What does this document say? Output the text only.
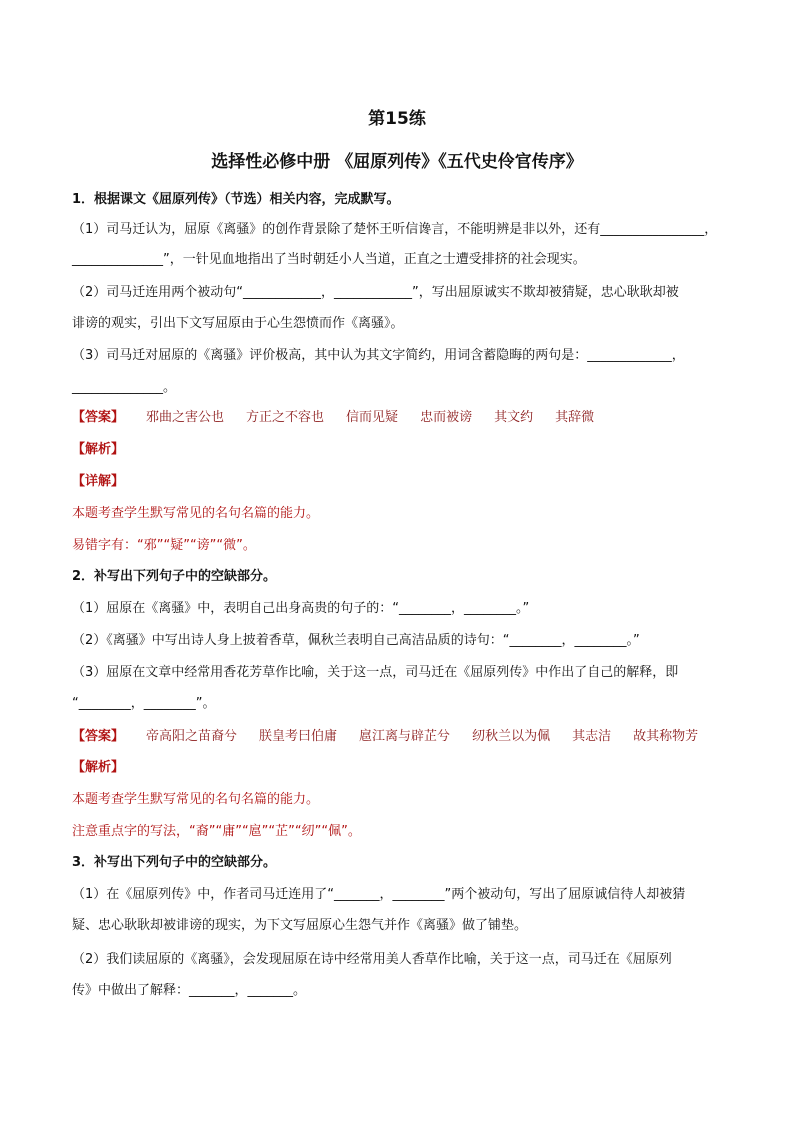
第15练
选择性必修中册 《屈原列传》《五代史伶官传序》
1．根据课文《屈原列传》（节选）相关内容，完成默写。
（1）司马迁认为，屈原《离骚》的创作背景除了楚怀王听信谗言，不能明辨是非以外，还有________________，
______________”，一针见血地指出了当时朝廷小人当道，正直之士遭受排挤的社会现实。
（2）司马迁连用两个被动句“____________，____________”，写出屈原诚实不欺却被猜疑，忠心耿耿却被
诽谤的观实，引出下文写屈原由于心生怨愤而作《离骚》。
（3）司马迁对屈原的《离骚》评价极高，其中认为其文字简约，用词含蓄隐晦的两句是：_____________，
______________。
【答案】 邪曲之害公也 方正之不容也 信而见疑 忠而被谤 其文约 其辞微
【解析】
【详解】
本题考查学生默写常见的名句名篇的能力。
易错字有：“邪”“疑”“谤”“微”。
2．补写出下列句子中的空缺部分。
（1）屈原在《离骚》中，表明自己出身高贵的句子的：“________，________。”
（2）《离骚》中写出诗人身上披着香草，佩秋兰表明自己高洁品质的诗句：“________，________。”
（3）屈原在文章中经常用香花芳草作比喻，关于这一点，司马迁在《屈原列传》中作出了自己的解释，即
“________，________”。
【答案】 帝高阳之苗裔兮 朕皇考曰伯庸 扈江离与辟芷兮 纫秋兰以为佩 其志洁 故其称物芳
【解析】
本题考查学生默写常见的名句名篇的能力。
注意重点字的写法，“裔”“庸”“扈”“芷”“纫”“佩”。
3．补写出下列句子中的空缺部分。
（1）在《屈原列传》中，作者司马迁连用了“_______，________”两个被动句，写出了屈原诚信待人却被猜
疑、忠心耿耿却被诽谤的现实，为下文写屈原心生怨气并作《离骚》做了铺垫。
（2）我们读屈原的《离骚》，会发现屈原在诗中经常用美人香草作比喻，关于这一点，司马迁在《屈原列
传》中做出了解释：_______，_______。
